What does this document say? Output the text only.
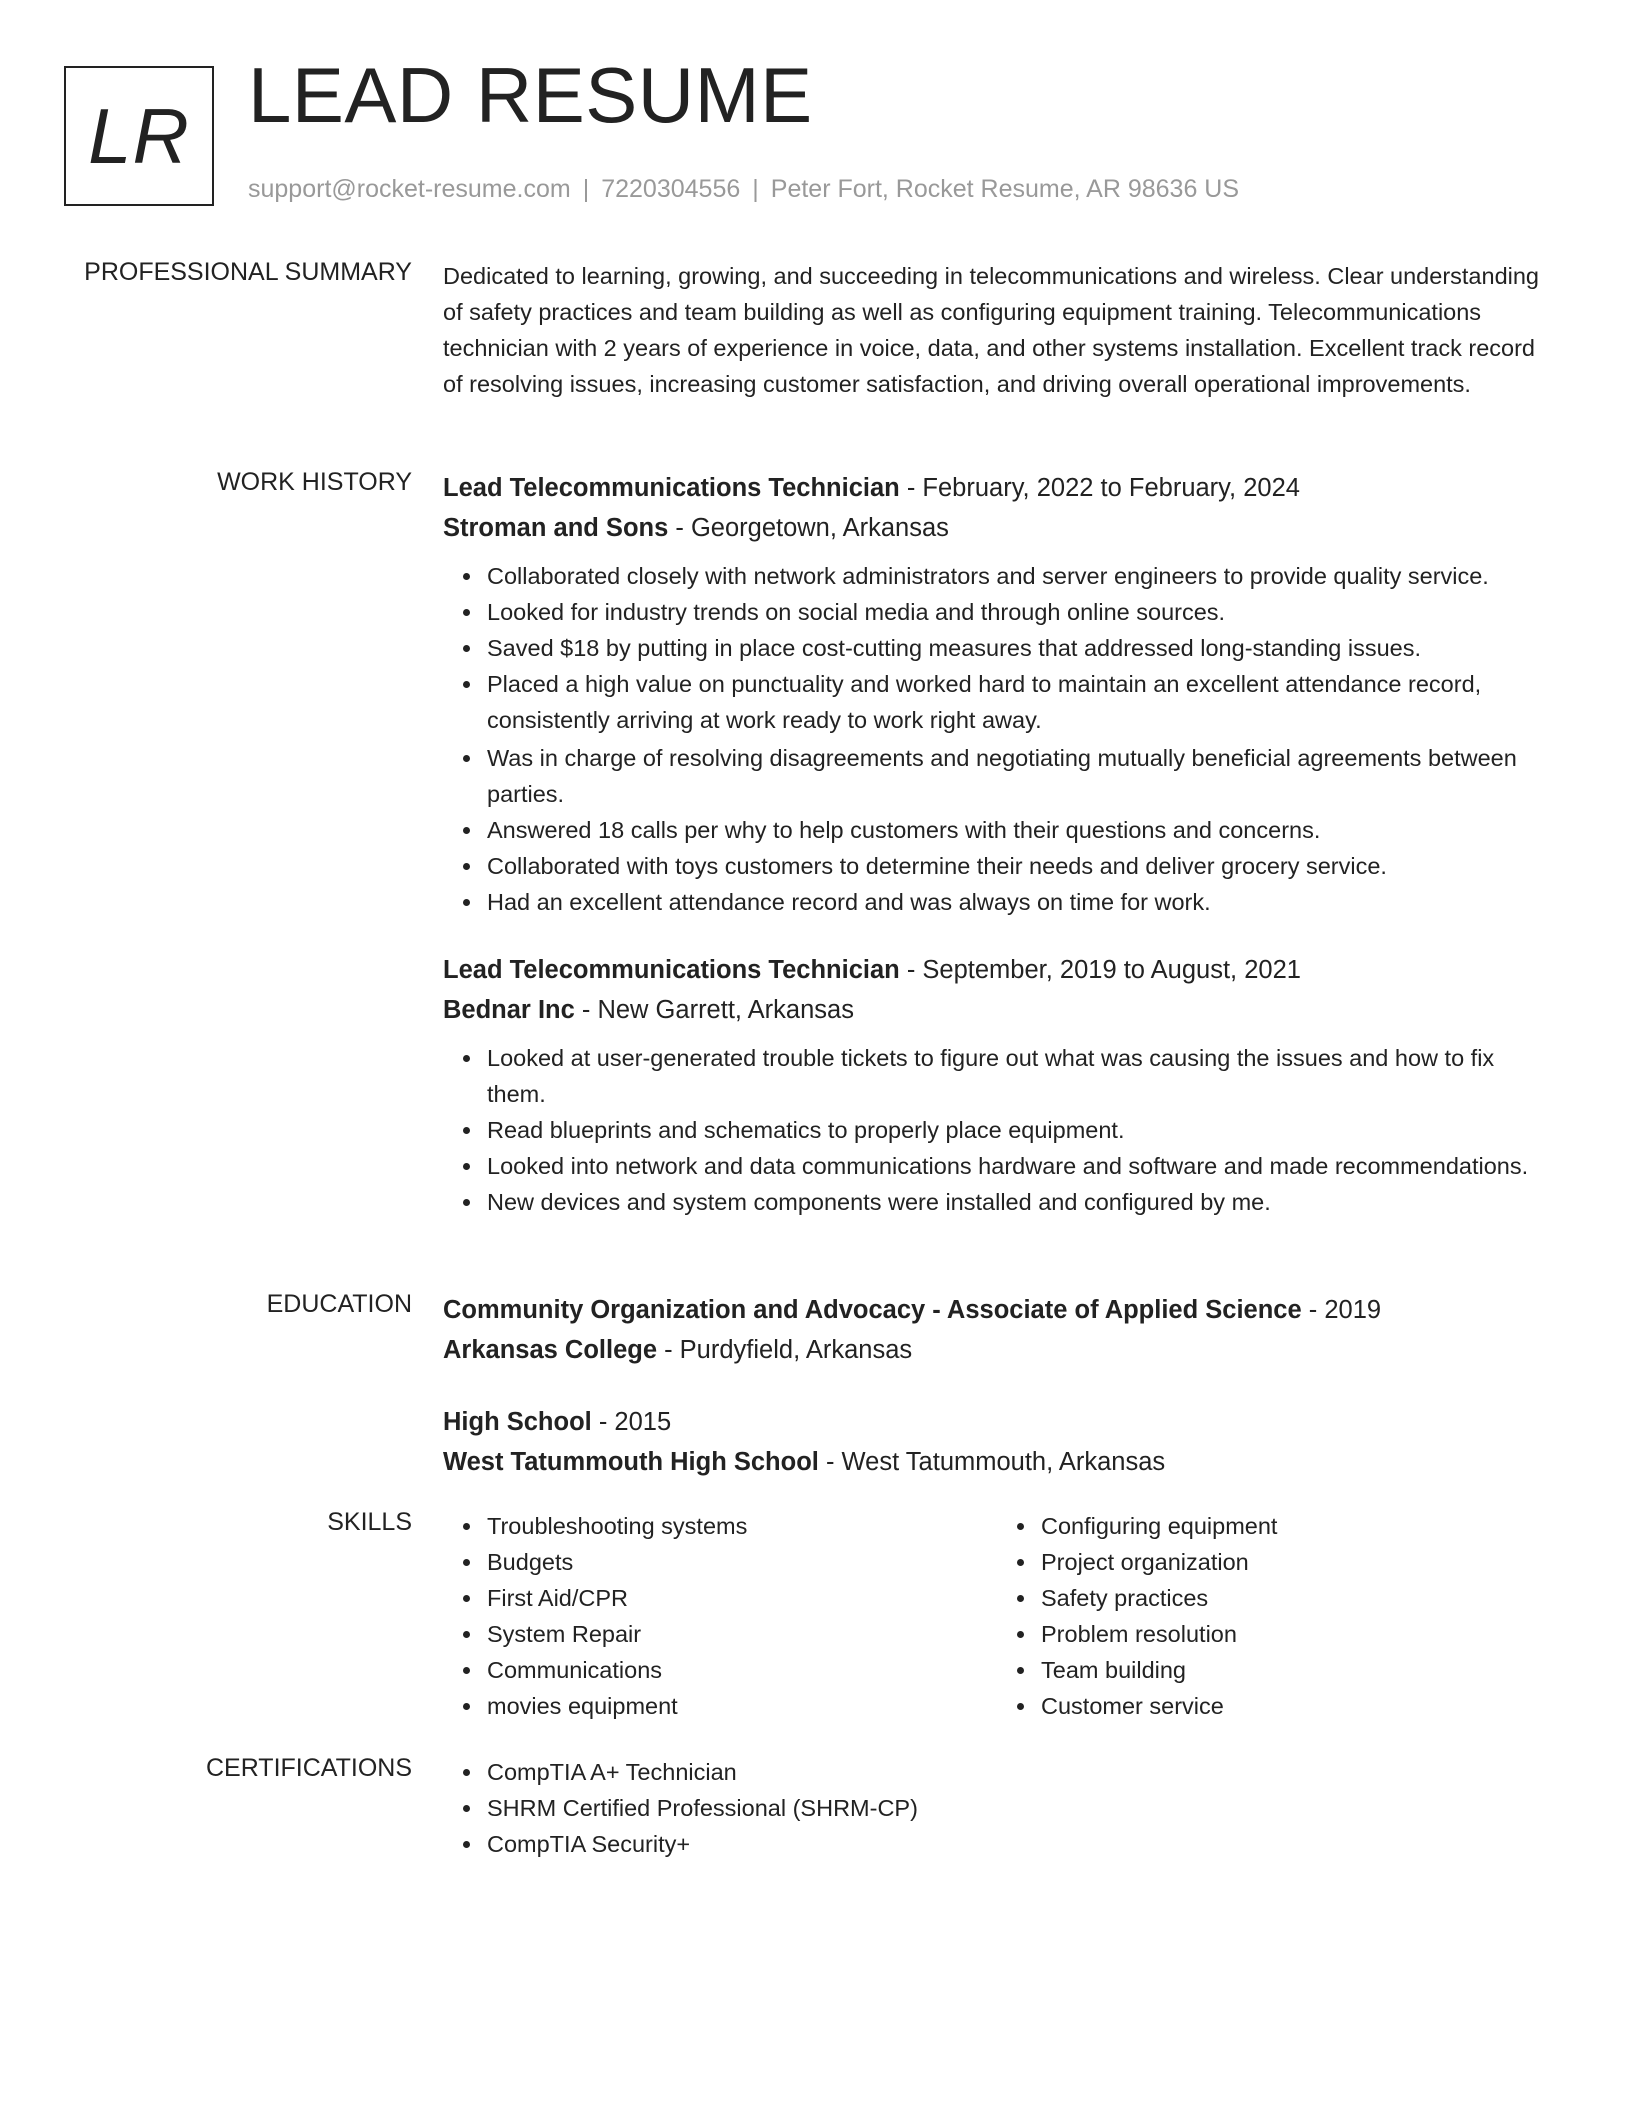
LR LEAD RESUME
support@rocket-resume.com | 7220304556 | Peter Fort, Rocket Resume, AR 98636 US
PROFESSIONAL SUMMARY Dedicated to learning, growing, and succeeding in telecommunications and wireless. Clear understanding of safety practices and team building as well as configuring equipment training. Telecommunications technician with 2 years of experience in voice, data, and other systems installation. Excellent track record of resolving issues, increasing customer satisfaction, and driving overall operational improvements.

WORK HISTORY Lead Telecommunications Technician - February, 2022 to February, 2024
Stroman and Sons - Georgetown, Arkansas
Collaborated closely with network administrators and server engineers to provide quality service.
Looked for industry trends on social media and through online sources.
Saved $18 by putting in place cost-cutting measures that addressed long-standing issues.
Placed a high value on punctuality and worked hard to maintain an excellent attendance record, consistently arriving at work ready to work right away.
Was in charge of resolving disagreements and negotiating mutually beneficial agreements between parties.
Answered 18 calls per why to help customers with their questions and concerns.
Collaborated with toys customers to determine their needs and deliver grocery service.
Had an excellent attendance record and was always on time for work.
Lead Telecommunications Technician - September, 2019 to August, 2021
Bednar Inc - New Garrett, Arkansas
Looked at user-generated trouble tickets to figure out what was causing the issues and how to fix them.
Read blueprints and schematics to properly place equipment.
Looked into network and data communications hardware and software and made recommendations.
New devices and system components were installed and configured by me.
EDUCATION Community Organization and Advocacy - Associate of Applied Science - 2019
Arkansas College - Purdyfield, Arkansas
High School - 2015
West Tatummouth High School - West Tatummouth, Arkansas
SKILLS	Troubleshooting systems
Budgets
First Aid/CPR
System Repair
Communications
movies equipment
Configuring equipment
Project organization
Safety practices
Problem resolution
Team building
Customer service
CERTIFICATIONS	CompTIA A+ Technician
SHRM Certified Professional (SHRM-CP)
CompTIA Security+
